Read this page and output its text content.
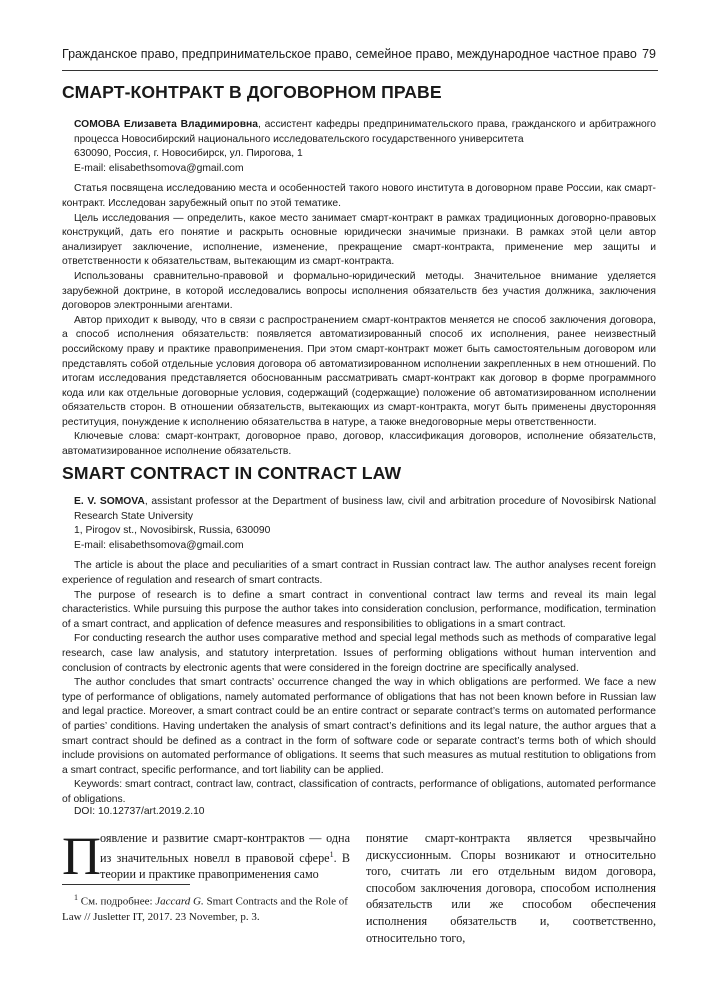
Гражданское право, предпринимательское право, семейное право, международное частное право 79
СМАРТ-КОНТРАКТ В ДОГОВОРНОМ ПРАВЕ

СОМОВА Елизавета Владимировна, ассистент кафедры предпринимательского права, гражданского и арбитражного процесса Новосибирский национального исследовательского государственного университета

630090, Россия, г. Новосибирск, ул. Пирогова, 1

E-mail: elisabethsomova@gmail.com

Статья посвящена исследованию места и особенностей такого нового института в договорном праве России, как смарт-контракт. Исследован зарубежный опыт по этой тематике.

Цель исследования — определить, какое место занимает смарт-контракт в рамках традиционных договорно-правовых конструкций, дать его понятие и раскрыть основные юридически значимые признаки. В рамках этой цели автор анализирует заключение, исполнение, изменение, прекращение смарт-контракта, применение мер защиты и ответственности к обязательствам, вытекающим из смарт-контракта.

Использованы сравнительно-правовой и формально-юридический методы. Значительное внимание уделяется зарубежной доктрине, в которой исследовались вопросы исполнения обязательств без участия должника, заключения договоров электронными агентами.

Автор приходит к выводу, что в связи с распространением смарт-контрактов меняется не способ заключения договора, а способ исполнения обязательств: появляется автоматизированный способ их исполнения, ранее неизвестный российскому праву и практике правоприменения. При этом смарт-контракт может быть самостоятельным договором или представлять собой отдельные условия договора об автоматизированном исполнении закрепленных в нем отношений. По итогам исследования представляется обоснованным рассматривать смарт-контракт как договор в форме программного кода или как отдельные договорные условия, содержащий (содержащие) положение об автоматизированном исполнении обязательств сторон. В отношении обязательств, вытекающих из смарт-контракта, могут быть применены двусторонняя реституция, понуждение к исполнению обязательства в натуре, а также внедоговорные меры ответственности.

Ключевые слова: смарт-контракт, договорное право, договор, классификация договоров, исполнение обязательств, автоматизированное исполнение обязательств.

SMART CONTRACT IN CONTRACT LAW

E. V. SOMOVA, assistant professor at the Department of business law, civil and arbitration procedure of Novosibirsk National Research State University

1, Pirogov st., Novosibirsk, Russia, 630090

E-mail: elisabethsomova@gmail.com

The article is about the place and peculiarities of a smart contract in Russian contract law. The author analyses recent foreign experience of regulation and research of smart contracts.

The purpose of research is to define a smart contract in conventional contract law terms and reveal its main legal characteristics. While pursuing this purpose the author takes into consideration conclusion, performance, modification, termination of a smart contract, and application of defence measures and responsibilities to obligations in a smart contract.

For conducting research the author uses comparative method and special legal methods such as methods of comparative legal research, case law analysis, and statutory interpretation. Issues of performing obligations without human intervention and conclusion of contracts by electronic agents that were considered in the foreign doctrine are specifically analysed.

The author concludes that smart contracts’ occurrence changed the way in which obligations are performed. We face a new type of performance of obligations, namely automated performance of obligations that has not been known before in Russian law and legal practice. Moreover, a smart contract could be an entire contract or separate contract’s terms on automated performance of parties’ conditions. Having undertaken the analysis of smart contract’s definitions and its legal nature, the author argues that a smart contract should be defined as a contract in the form of software code or separate contract’s terms both of which should include provisions on automated performance of obligations. It seems that such measures as mutual restitution to obligations from a smart contract, specific performance, and tort liability can be applied.

Keywords: smart contract, contract law, contract, classification of contracts, performance of obligations, automated performance of obligations.

DOI: 10.12737/art.2019.2.10
П оявление и развитие смарт-контрактов — одна из значительных новелл в правовой сфере$^1$. В теории и практике правоприменения само
$^1$ См. подробнее: Jaccard G. Smart Contracts and the Role of Law // Jusletter IT, 2017. 23 November, p. 3.
понятие смарт-контракта является чрезвычайно дискуссионным. Споры возникают и относительно того, считать ли его отдельным видом договора, способом заключения договора, способом исполнения обязательств или же способом обеспечения исполнения обязательств и, соответственно, относительно того,
